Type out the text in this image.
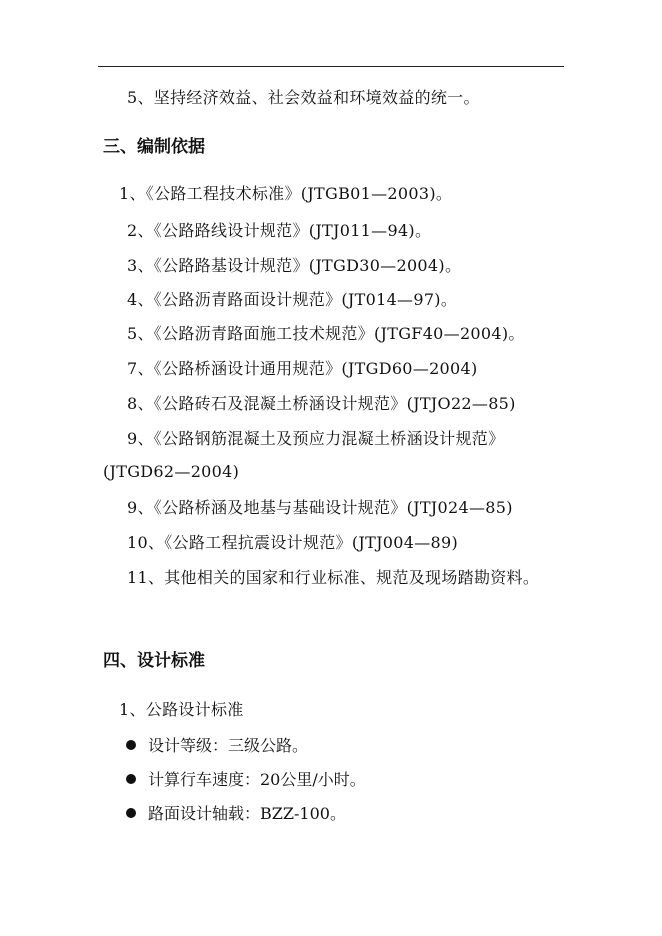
5、坚持经济效益、社会效益和环境效益的统一。
三、编制依据
1、《公路工程技术标准》(JTGB01—2003)。
2、《公路路线设计规范》(JTJ011—94)。
3、《公路路基设计规范》(JTGD30—2004)。
4、《公路沥青路面设计规范》(JT014—97)。
5、《公路沥青路面施工技术规范》(JTGF40—2004)。
7、《公路桥涵设计通用规范》(JTGD60—2004)
8、《公路砖石及混凝土桥涵设计规范》(JTJO22—85)
9、《公路钢筋混凝土及预应力混凝土桥涵设计规范》
(JTGD62—2004)
9、《公路桥涵及地基与基础设计规范》(JTJ024—85)
10、《公路工程抗震设计规范》(JTJ004—89)
11、其他相关的国家和行业标准、规范及现场踏勘资料。
四、设计标准
1、公路设计标准
设计等级：三级公路。
计算行车速度：20公里/小时。
路面设计轴载：BZZ-100。
